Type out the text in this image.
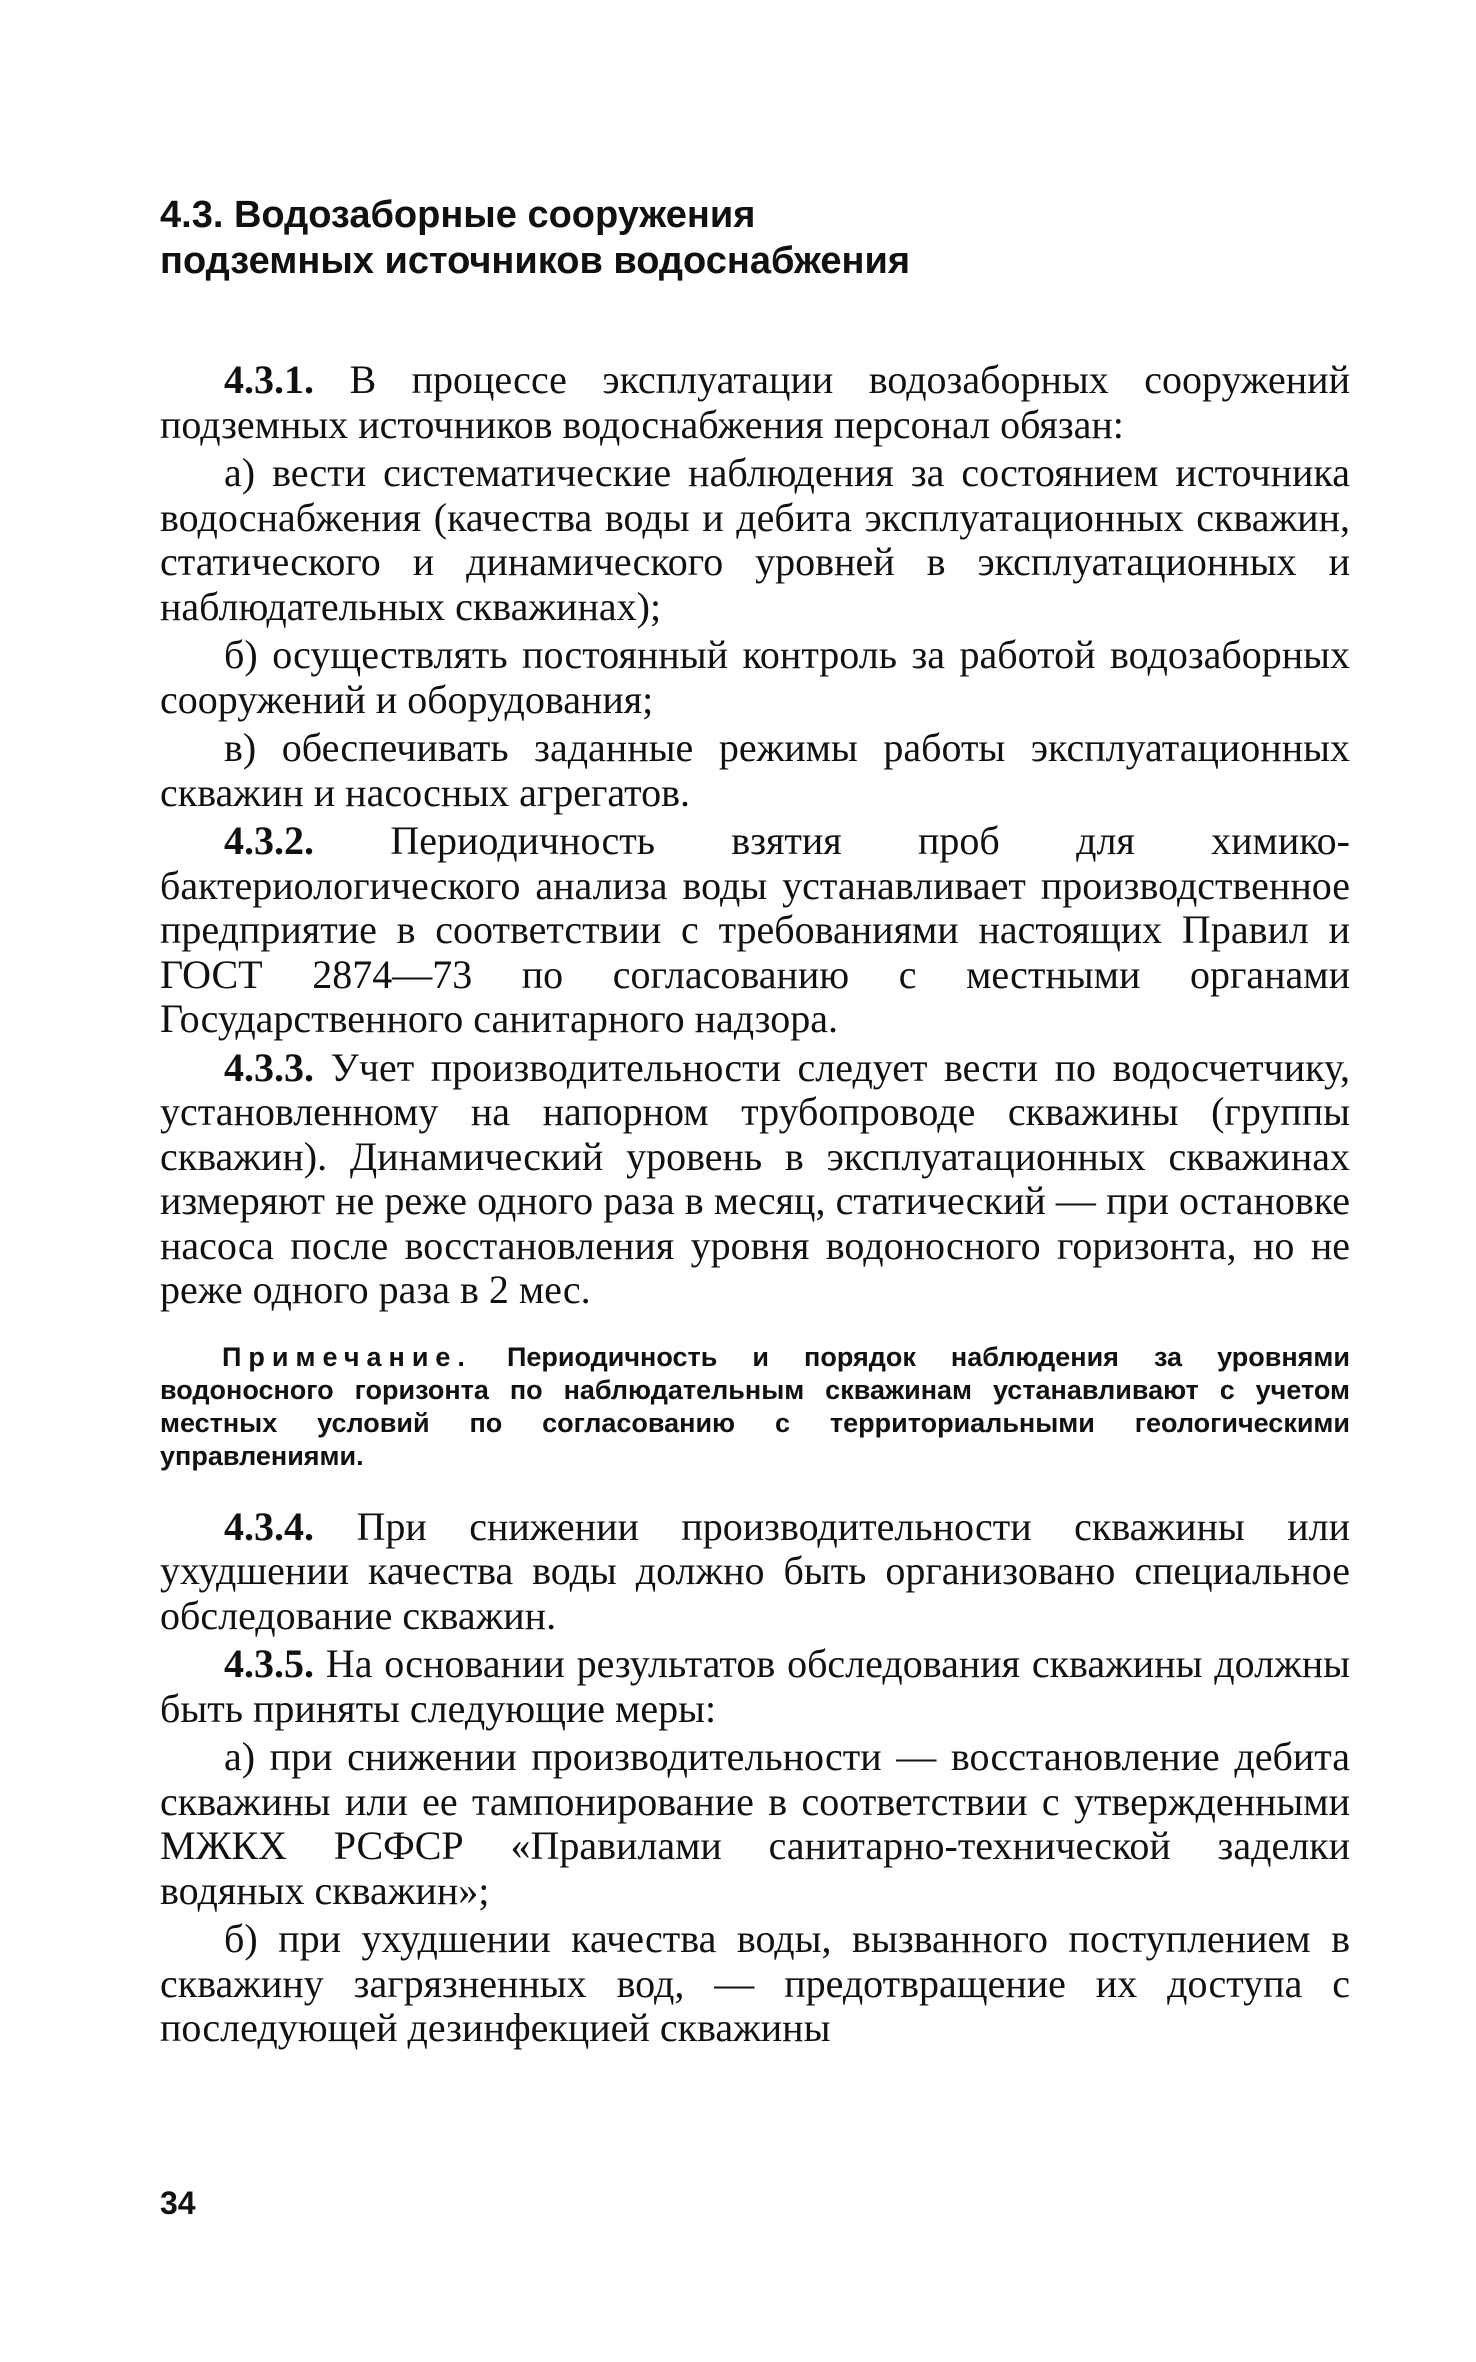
4.3. Водозаборные сооружения
подземных источников водоснабжения

4.3.1. В процессе эксплуатации водозаборных сооружений подземных источников водоснабжения персонал обязан:

а) вести систематические наблюдения за состоянием источника водоснабжения (качества воды и дебита эксплуатационных скважин, статического и динамического уровней в эксплуатационных и наблюдательных скважинах);

б) осуществлять постоянный контроль за работой водозаборных сооружений и оборудования;

в) обеспечивать заданные режимы работы эксплуатационных скважин и насосных агрегатов.

4.3.2. Периодичность взятия проб для химико-бактериологического анализа воды устанавливает производственное предприятие в соответствии с требованиями настоящих Правил и ГОСТ 2874—73 по согласованию с местными органами Государственного санитарного надзора.

4.3.3. Учет производительности следует вести по водосчетчику, установленному на напорном трубопроводе скважины (группы скважин). Динамический уровень в эксплуатационных скважинах измеряют не реже одного раза в месяц, статический — при остановке насоса после восстановления уровня водоносного горизонта, но не реже одного раза в 2 мес.

Примечание. Периодичность и порядок наблюдения за уровнями водоносного горизонта по наблюдательным скважинам устанавливают с учетом местных условий по согласованию с территориальными геологическими управлениями.

4.3.4. При снижении производительности скважины или ухудшении качества воды должно быть организовано специальное обследование скважин.

4.3.5. На основании результатов обследования скважины должны быть приняты следующие меры:

а) при снижении производительности — восстановление дебита скважины или ее тампонирование в соответствии с утвержденными МЖКХ РСФСР «Правилами санитарно-технической заделки водяных скважин»;

б) при ухудшении качества воды, вызванного поступлением в скважину загрязненных вод, — предотвращение их доступа с последующей дезинфекцией скважины

34
